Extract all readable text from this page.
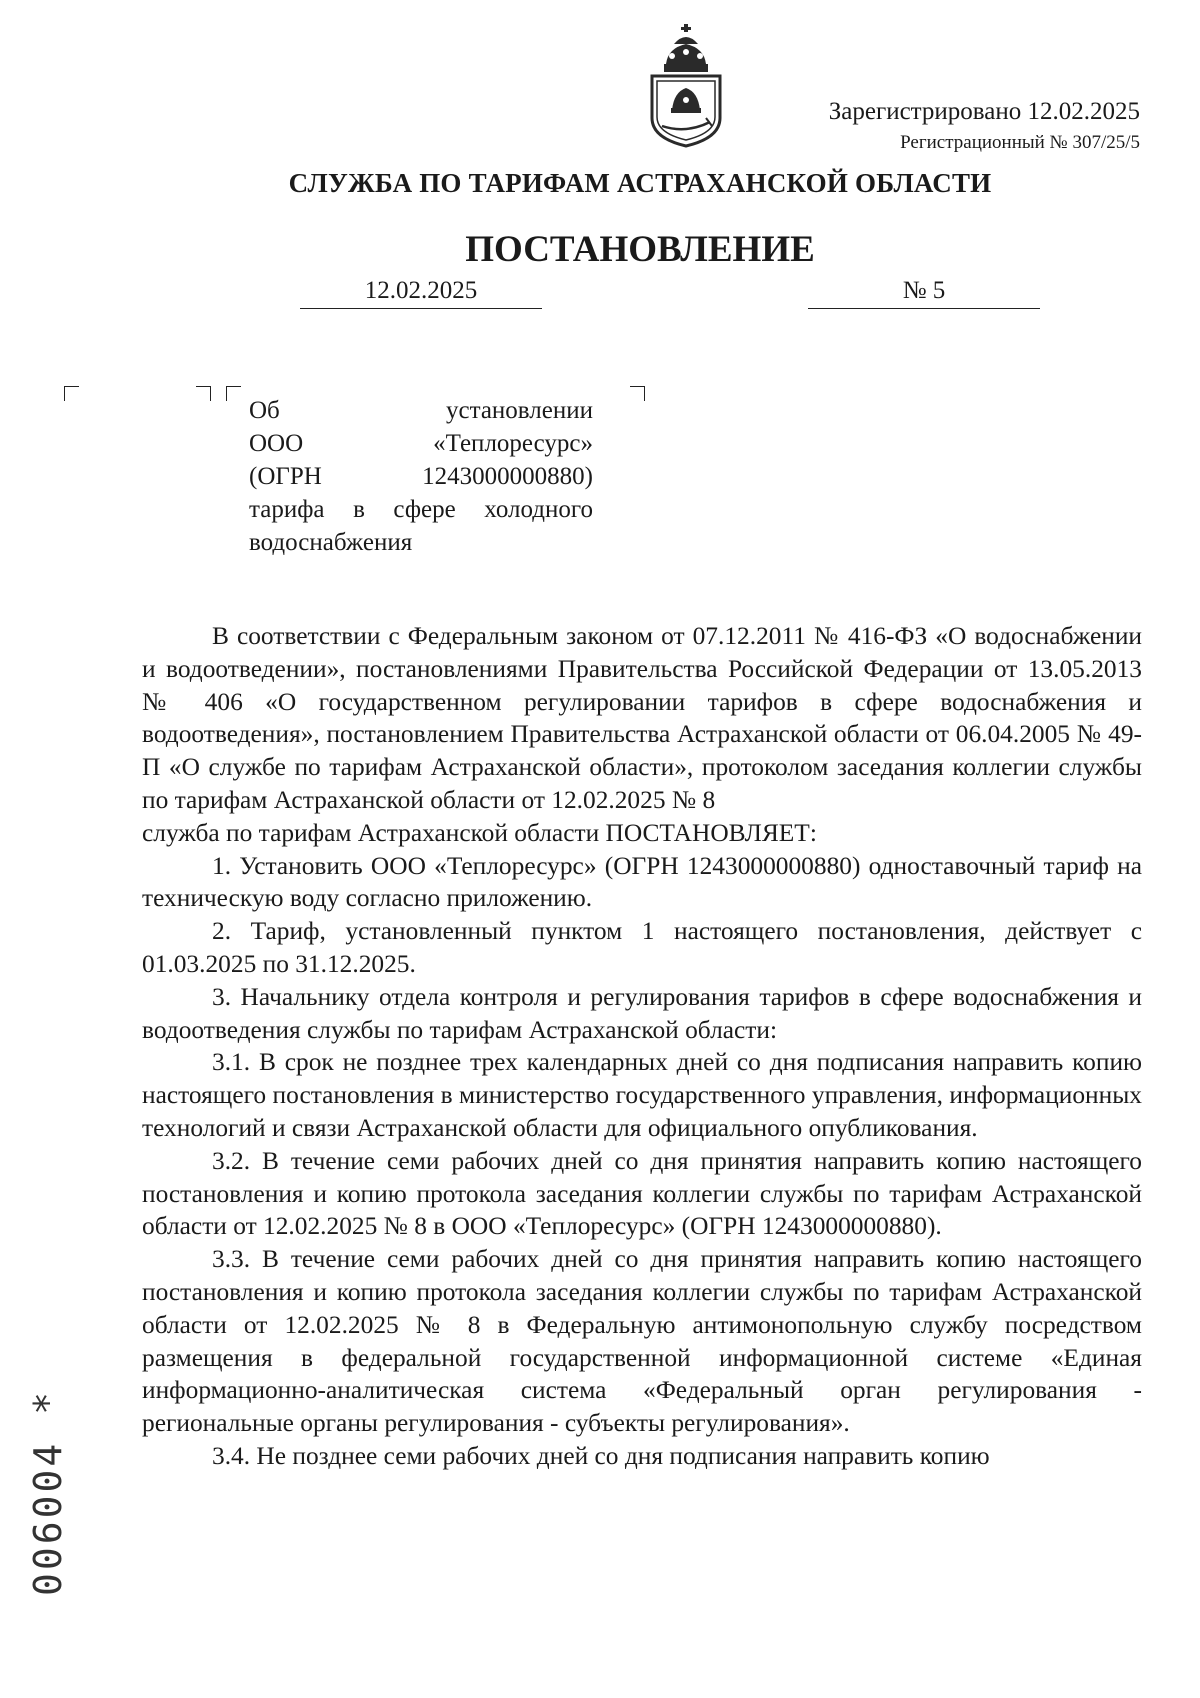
Зарегистрировано 12.02.2025
Регистрационный № 307/25/5
СЛУЖБА ПО ТАРИФАМ АСТРАХАНСКОЙ ОБЛАСТИ
ПОСТАНОВЛЕНИЕ
12.02.2025	№ 5
Об установлении
ООО «Теплоресурс»
(ОГРН 1243000000880)
тарифа в сфере холодного
водоснабжения

В соответствии с Федеральным законом от 07.12.2011 № 416-ФЗ «О водоснабжении и водоотведении», постановлениями Правительства Российской Федерации от 13.05.2013 № 406 «О государственном регулировании тарифов в сфере водоснабжения и водоотведения», постановлением Правительства Астраханской области от 06.04.2005 № 49-П «О службе по тарифам Астраханской области», протоколом заседания коллегии службы по тарифам Астраханской области от 12.02.2025 № 8

служба по тарифам Астраханской области ПОСТАНОВЛЯЕТ:

1. Установить ООО «Теплоресурс» (ОГРН 1243000000880) одноставочный тариф на техническую воду согласно приложению.

2. Тариф, установленный пунктом 1 настоящего постановления, действует с 01.03.2025 по 31.12.2025.

3. Начальнику отдела контроля и регулирования тарифов в сфере водоснабжения и водоотведения службы по тарифам Астраханской области:

3.1. В срок не позднее трех календарных дней со дня подписания направить копию настоящего постановления в министерство государственного управления, информационных технологий и связи Астраханской области для официального опубликования.

3.2. В течение семи рабочих дней со дня принятия направить копию настоящего постановления и копию протокола заседания коллегии службы по тарифам Астраханской области от 12.02.2025 № 8 в ООО «Теплоресурс» (ОГРН 1243000000880).

3.3. В течение семи рабочих дней со дня принятия направить копию настоящего постановления и копию протокола заседания коллегии службы по тарифам Астраханской области от 12.02.2025 № 8 в Федеральную антимонопольную службу посредством размещения в федеральной государственной информационной системе «Единая информационно-аналитическая система «Федеральный орган регулирования - региональные органы регулирования - субъекты регулирования».

3.4. Не позднее семи рабочих дней со дня подписания направить копию

006004 *
